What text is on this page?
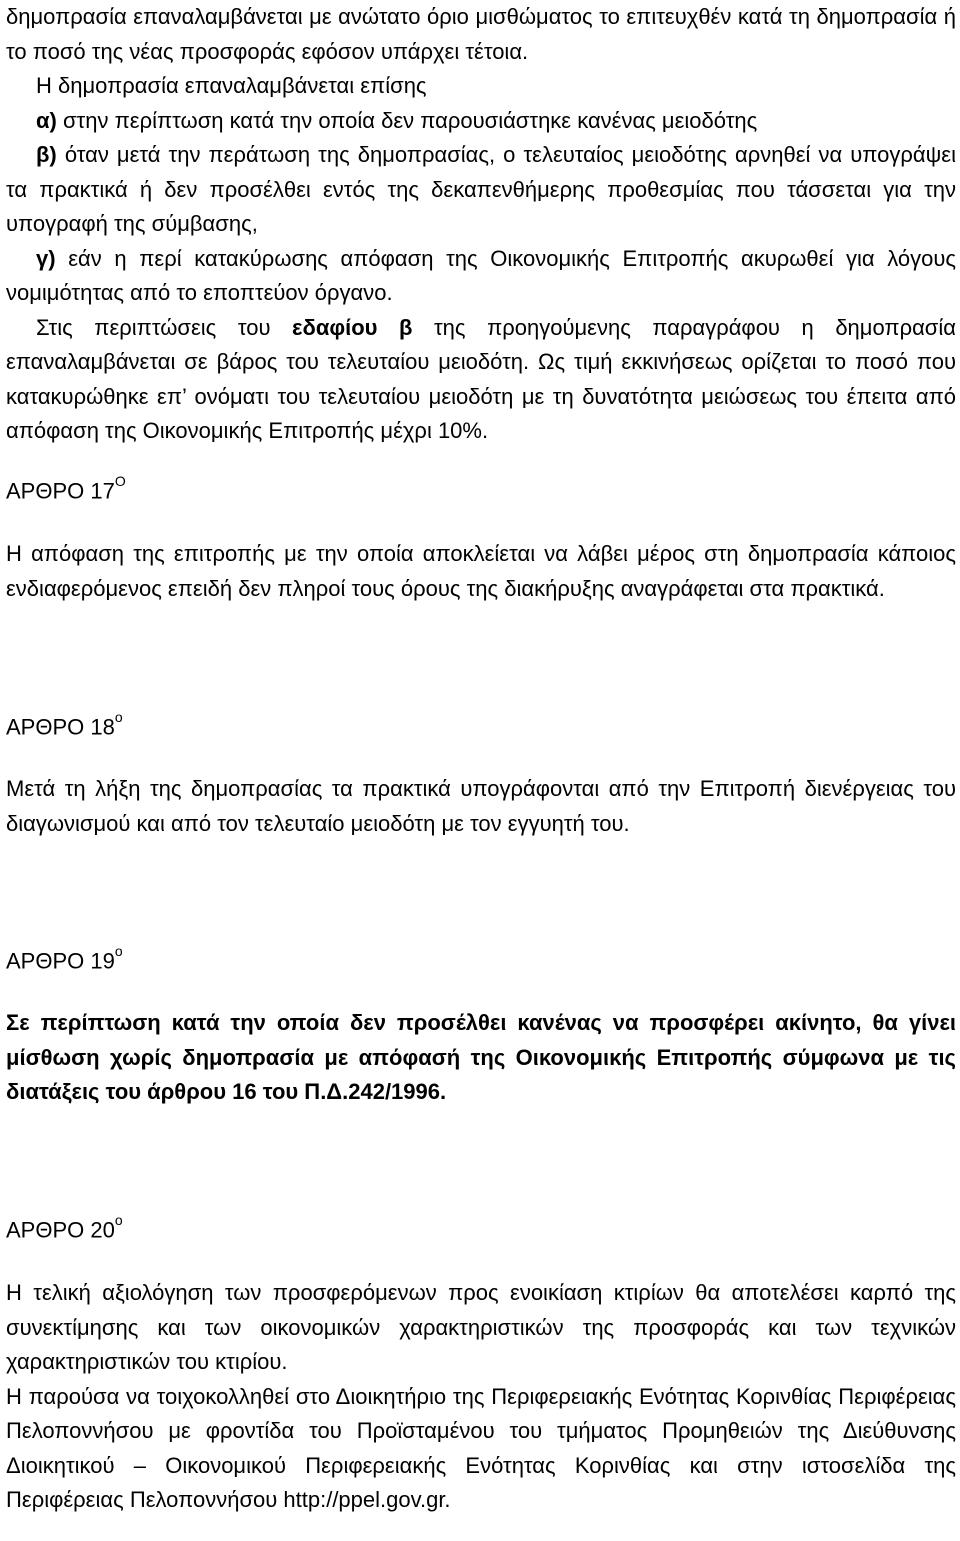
δημοπρασία επαναλαμβάνεται με ανώτατο όριο μισθώματος το επιτευχθέν κατά τη δημοπρασία ή το ποσό της νέας προσφοράς εφόσον υπάρχει τέτοια.

Η δημοπρασία επαναλαμβάνεται επίσης

α) στην περίπτωση κατά την οποία δεν παρουσιάστηκε κανένας μειοδότης

β) όταν μετά την περάτωση της δημοπρασίας, ο τελευταίος μειοδότης αρνηθεί να υπογράψει τα πρακτικά ή δεν προσέλθει εντός της δεκαπενθήμερης προθεσμίας που τάσσεται για την υπογραφή της σύμβασης,

γ) εάν η περί κατακύρωσης απόφαση της Οικονομικής Επιτροπής ακυρωθεί για λόγους νομιμότητας από το εποπτεύον όργανο.

Στις περιπτώσεις του εδαφίου β της προηγούμενης παραγράφου η δημοπρασία επαναλαμβάνεται σε βάρος του τελευταίου μειοδότη. Ως τιμή εκκινήσεως ορίζεται το ποσό που κατακυρώθηκε επ’ ονόματι του τελευταίου μειοδότη με τη δυνατότητα μειώσεως του έπειτα από απόφαση της Οικονομικής Επιτροπής μέχρι 10%.

ΑΡΘΡΟ $17^O$

Η απόφαση της επιτροπής με την οποία αποκλείεται να λάβει μέρος στη δημοπρασία κάποιος ενδιαφερόμενος επειδή δεν πληροί τους όρους της διακήρυξης αναγράφεται στα πρακτικά.

ΑΡΘΡΟ $18^o$

Μετά τη λήξη της δημοπρασίας τα πρακτικά υπογράφονται από την Επιτροπή διενέργειας του διαγωνισμού και από τον τελευταίο μειοδότη με τον εγγυητή του.

ΑΡΘΡΟ $19^o$

Σε περίπτωση κατά την οποία δεν προσέλθει κανένας να προσφέρει ακίνητο, θα γίνει μίσθωση χωρίς δημοπρασία με απόφασή της Οικονομικής Επιτροπής σύμφωνα με τις διατάξεις του άρθρου 16 του Π.Δ.242/1996.

ΑΡΘΡΟ $20^o$

Η τελική αξιολόγηση των προσφερόμενων προς ενοικίαση κτιρίων θα αποτελέσει καρπό της συνεκτίμησης και των οικονομικών χαρακτηριστικών της προσφοράς και των τεχνικών χαρακτηριστικών του κτιρίου.

Η παρούσα να τοιχοκολληθεί στο Διοικητήριο της Περιφερειακής Ενότητας Κορινθίας Περιφέρειας Πελοποννήσου με φροντίδα του Προϊσταμένου του τμήματος Προμηθειών της Διεύθυνσης Διοικητικού – Οικονομικού Περιφερειακής Ενότητας Κορινθίας και στην ιστοσελίδα της Περιφέρειας Πελοποννήσου http://ppel.gov.gr.
